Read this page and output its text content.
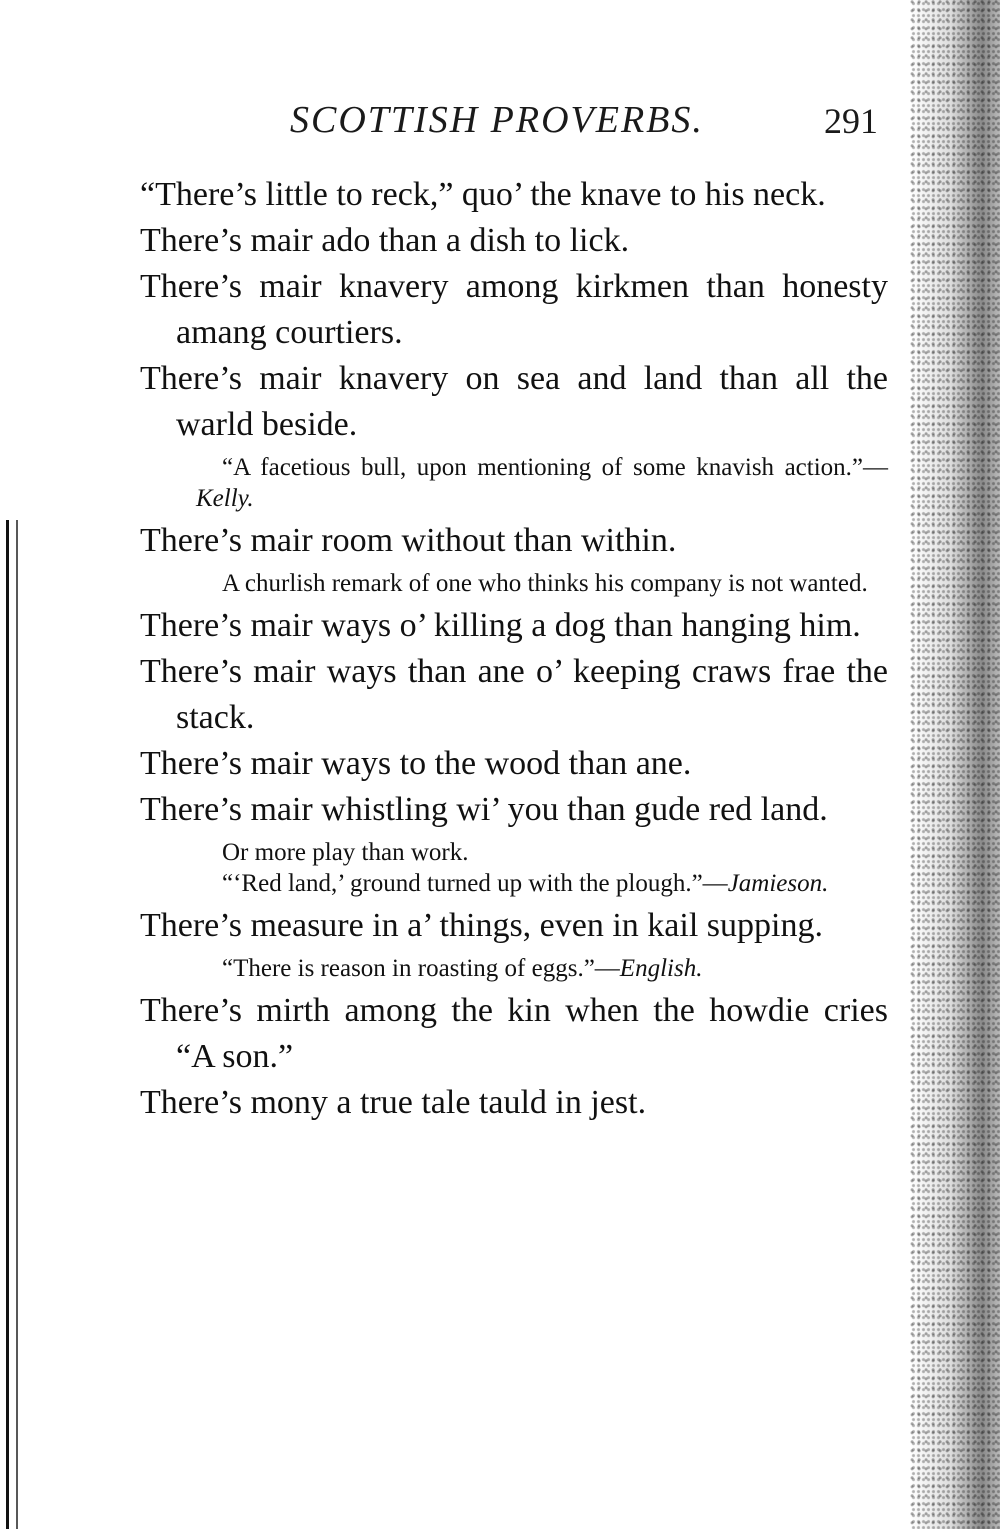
SCOTTISH PROVERBS.	291

“There’s little to reck,” quo’ the knave to his neck.

There’s mair ado than a dish to lick.

There’s mair knavery among kirkmen than honesty amang courtiers.

There’s mair knavery on sea and land than all the warld beside.

“A facetious bull, upon mentioning of some knavish action.”—Kelly.

There’s mair room without than within.

A churlish remark of one who thinks his company is not wanted.

There’s mair ways o’ killing a dog than hanging him.

There’s mair ways than ane o’ keeping craws frae the stack.

There’s mair ways to the wood than ane.

There’s mair whistling wi’ you than gude red land.

Or more play than work.

“‘Red land,’ ground turned up with the plough.”—Jamieson.

There’s measure in a’ things, even in kail supping.

“There is reason in roasting of eggs.”—English.

There’s mirth among the kin when the howdie cries “A son.”

There’s mony a true tale tauld in jest.
